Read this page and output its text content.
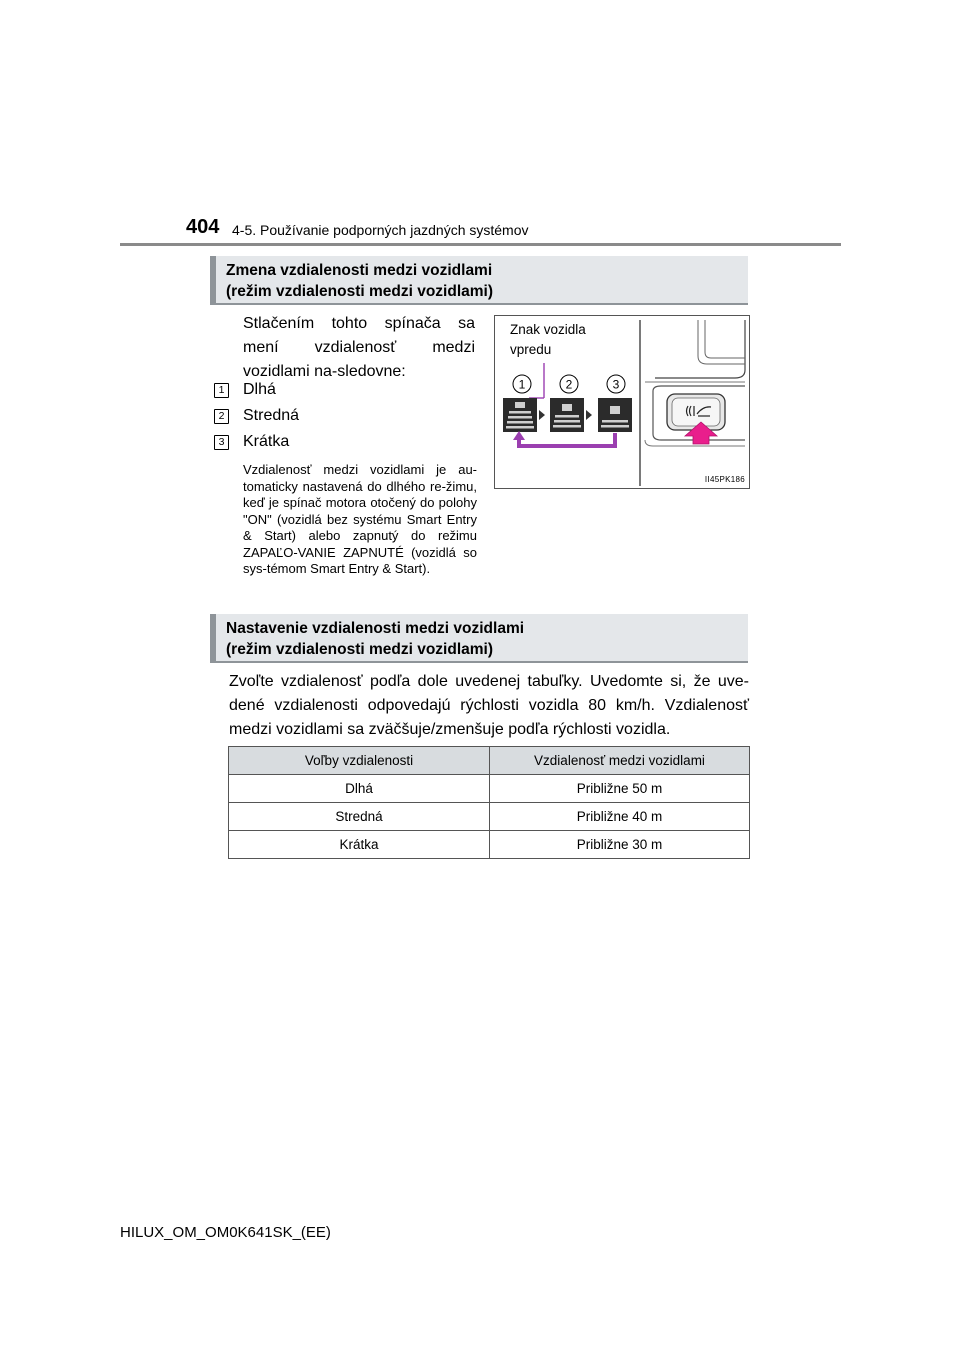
404 4-5. Používanie podporných jazdných systémov
Zmena vzdialenosti medzi vozidlami
(režim vzdialenosti medzi vozidlami)
Stlačením tohto spínača sa mení vzdialenosť medzi vozidlami na-sledovne:
1 Dlhá
2 Stredná
3 Krátka
Vzdialenosť medzi vozidlami je au-tomaticky nastavená do dlhého re-žimu, keď je spínač motora otočený do polohy "ON" (vozidlá bez systému Smart Entry & Start) alebo zapnutý do režimu ZAPAĽO-VANIE ZAPNUTÉ (vozidlá so sys-témom Smart Entry & Start).
1	2	3
Znak vozidla vpredu
II45PK186
Nastavenie vzdialenosti medzi vozidlami
(režim vzdialenosti medzi vozidlami)
Zvoľte vzdialenosť podľa dole uvedenej tabuľky. Uvedomte si, že uve-dené vzdialenosti odpovedajú rýchlosti vozidla 80 km/h. Vzdialenosť medzi vozidlami sa zväčšuje/zmenšuje podľa rýchlosti vozidla.
Voľby vzdialenosti	Vzdialenosť medzi vozidlami
Dlhá	Približne 50 m
Stredná	Približne 40 m
Krátka	Približne 30 m
HILUX_OM_OM0K641SK_(EE)
